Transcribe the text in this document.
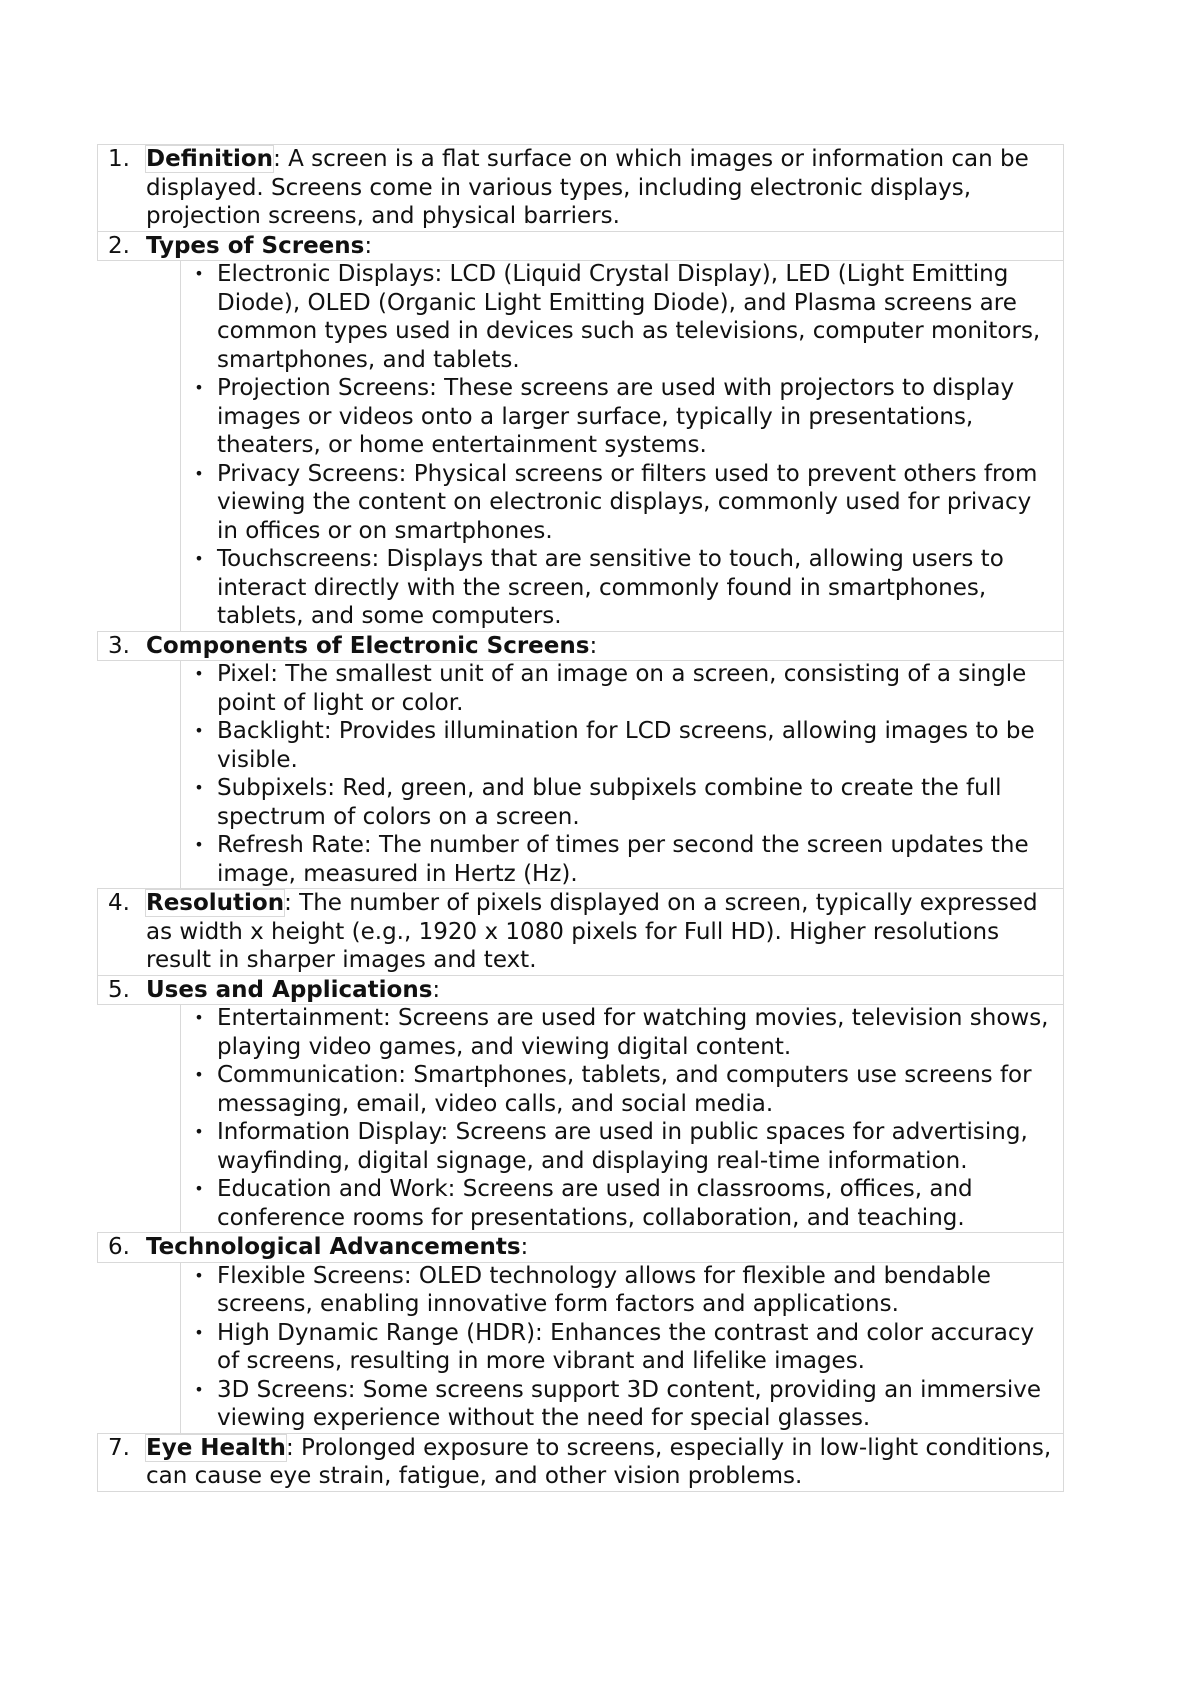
1. Definition: A screen is a flat surface on which images or information can be displayed. Screens come in various types, including electronic displays, projection screens, and physical barriers.
2. Types of Screens:
• Electronic Displays: LCD (Liquid Crystal Display), LED (Light Emitting Diode), OLED (Organic Light Emitting Diode), and Plasma screens are common types used in devices such as televisions, computer monitors, smartphones, and tablets.
• Projection Screens: These screens are used with projectors to display images or videos onto a larger surface, typically in presentations, theaters, or home entertainment systems.
• Privacy Screens: Physical screens or filters used to prevent others from viewing the content on electronic displays, commonly used for privacy in offices or on smartphones.
• Touchscreens: Displays that are sensitive to touch, allowing users to interact directly with the screen, commonly found in smartphones, tablets, and some computers.
3. Components of Electronic Screens:
• Pixel: The smallest unit of an image on a screen, consisting of a single point of light or color.
• Backlight: Provides illumination for LCD screens, allowing images to be visible.
• Subpixels: Red, green, and blue subpixels combine to create the full spectrum of colors on a screen.
• Refresh Rate: The number of times per second the screen updates the image, measured in Hertz (Hz).
4. Resolution: The number of pixels displayed on a screen, typically expressed as width x height (e.g., 1920 x 1080 pixels for Full HD). Higher resolutions result in sharper images and text.
5. Uses and Applications:
• Entertainment: Screens are used for watching movies, television shows, playing video games, and viewing digital content.
• Communication: Smartphones, tablets, and computers use screens for messaging, email, video calls, and social media.
• Information Display: Screens are used in public spaces for advertising, wayfinding, digital signage, and displaying real-time information.
• Education and Work: Screens are used in classrooms, offices, and conference rooms for presentations, collaboration, and teaching.
6. Technological Advancements:
• Flexible Screens: OLED technology allows for flexible and bendable screens, enabling innovative form factors and applications.
• High Dynamic Range (HDR): Enhances the contrast and color accuracy of screens, resulting in more vibrant and lifelike images.
• 3D Screens: Some screens support 3D content, providing an immersive viewing experience without the need for special glasses.
7. Eye Health: Prolonged exposure to screens, especially in low-light conditions, can cause eye strain, fatigue, and other vision problems.
